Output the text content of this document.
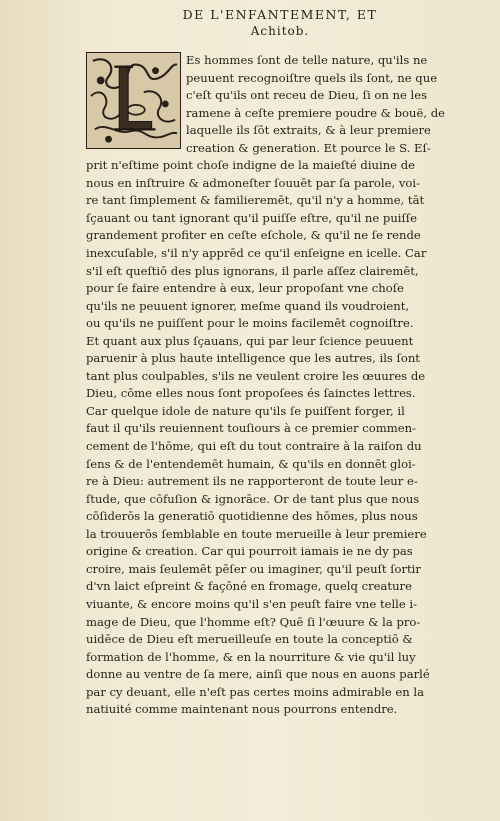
DE L'ENFANTEMENT, ET
Achitob.
Es hommes ſont de telle nature, qu'ils ne
peuuent recognoiſtre quels ils ſont, ne que
c'eſt qu'ils ont receu de Dieu, ſi on ne les
ramene à ceſte premiere poudre & bouë, de
laquelle ils ſōt extraits, & à leur premiere
creation & generation. Et pource le S. Eſ-
prit n'eſtime point choſe indigne de la maieſté diuine de
nous en inſtruire & admoneſter ſouuēt par ſa parole, voi-
re tant ſimplement & familieremēt, qu'il n'y a homme, tāt
ſçauant ou tant ignorant qu'il puiſſe eſtre, qu'il ne puiſſe
grandement profiter en ceſte eſchole, & qu'il ne ſe rende
inexcuſable, s'il n'y apprēd ce qu'il enſeigne en icelle. Car
s'il eſt queſtiō des plus ignorans, il parle aſſez clairemēt,
pour ſe faire entendre à eux, leur propoſant vne choſe
qu'ils ne peuuent ignorer, meſme quand ils voudroient,
ou qu'ils ne puiſſent pour le moins facilemēt cognoiſtre.
Et quant aux plus ſçauans, qui par leur ſcience peuuent
paruenir à plus haute intelligence que les autres, ils ſont
tant plus coulpables, s'ils ne veulent croire les œuures de
Dieu, cōme elles nous ſont propoſees és ſainctes lettres.
Car quelque idole de nature qu'ils ſe puiſſent forger, il
faut il qu'ils reuiennent touſiours à ce premier commen-
cement de l'hōme, qui eſt du tout contraire à la raiſon du
ſens & de l'entendemēt humain, & qu'ils en donnēt gloi-
re à Dieu: autrement ils ne rapporteront de toute leur e-
ſtude, que cōfuſion & ignorāce. Or de tant plus que nous
cōſiderōs la generatiō quotidienne des hōmes, plus nous
la trouuerōs ſemblable en toute merueille à leur premiere
origine & creation. Car qui pourroit iamais ie ne dy pas
croire, mais ſeulemēt pēſer ou imaginer, qu'il peuſt ſortir
d'vn laict eſpreint & façōné en fromage, quelq creature
viuante, & encore moins qu'il s'en peuſt faire vne telle i-
mage de Dieu, que l'homme eſt? Quē ſi l'œuure & la pro-
uidēce de Dieu eſt merueilleuſe en toute la conceptiō &
formation de l'homme, & en la nourriture & vie qu'il luy
donne au ventre de ſa mere, ainſi que nous en auons parlé
par cy deuant, elle n'eſt pas certes moins admirable en la
natiuité comme maintenant nous pourrons entendre.
